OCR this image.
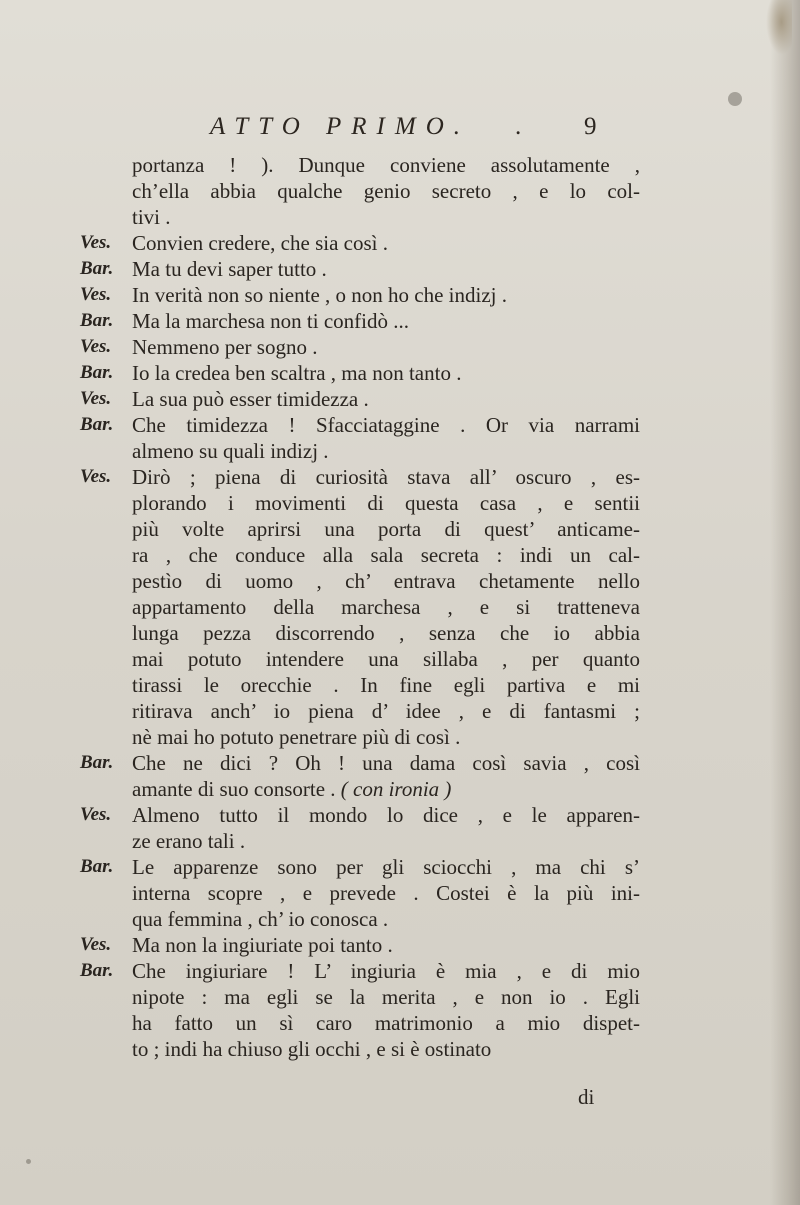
ATTO PRIMO. .	9
portanza ! ). Dunque conviene assolutamente ,
ch’ella abbia qualche genio secreto , e lo col-
tivi .
Ves. Convien credere, che sia così .
Bar. Ma tu devi saper tutto .
Ves. In verità non so niente , o non ho che indizj .
Bar. Ma la marchesa non ti confidò ...
Ves. Nemmeno per sogno .
Bar. Io la credea ben scaltra , ma non tanto .
Ves. La sua può esser timidezza .
Bar. Che timidezza ! Sfacciataggine . Or via narrami
almeno su quali indizj .
Ves. Dirò ; piena di curiosità stava all’ oscuro , es-
plorando i movimenti di questa casa , e sentii
più volte aprirsi una porta di quest’ anticame-
ra , che conduce alla sala secreta : indi un cal-
pestìo di uomo , ch’ entrava chetamente nello
appartamento della marchesa , e si tratteneva
lunga pezza discorrendo , senza che io abbia
mai potuto intendere una sillaba , per quanto
tirassi le orecchie . In fine egli partiva e mi
ritirava anch’ io piena d’ idee , e di fantasmi ;
nè mai ho potuto penetrare più di così .
Bar. Che ne dici ? Oh ! una dama così savia , così
amante di suo consorte . ( con ironia )
Ves. Almeno tutto il mondo lo dice , e le apparen-
ze erano tali .
Bar. Le apparenze sono per gli sciocchi , ma chi s’
interna scopre , e prevede . Costei è la più ini-
qua femmina , ch’ io conosca .
Ves. Ma non la ingiuriate poi tanto .
Bar. Che ingiuriare ! L’ ingiuria è mia , e di mio
nipote : ma egli se la merita , e non io . Egli
ha fatto un sì caro matrimonio a mio dispet-
to ; indi ha chiuso gli occhi , e si è ostinato
di
